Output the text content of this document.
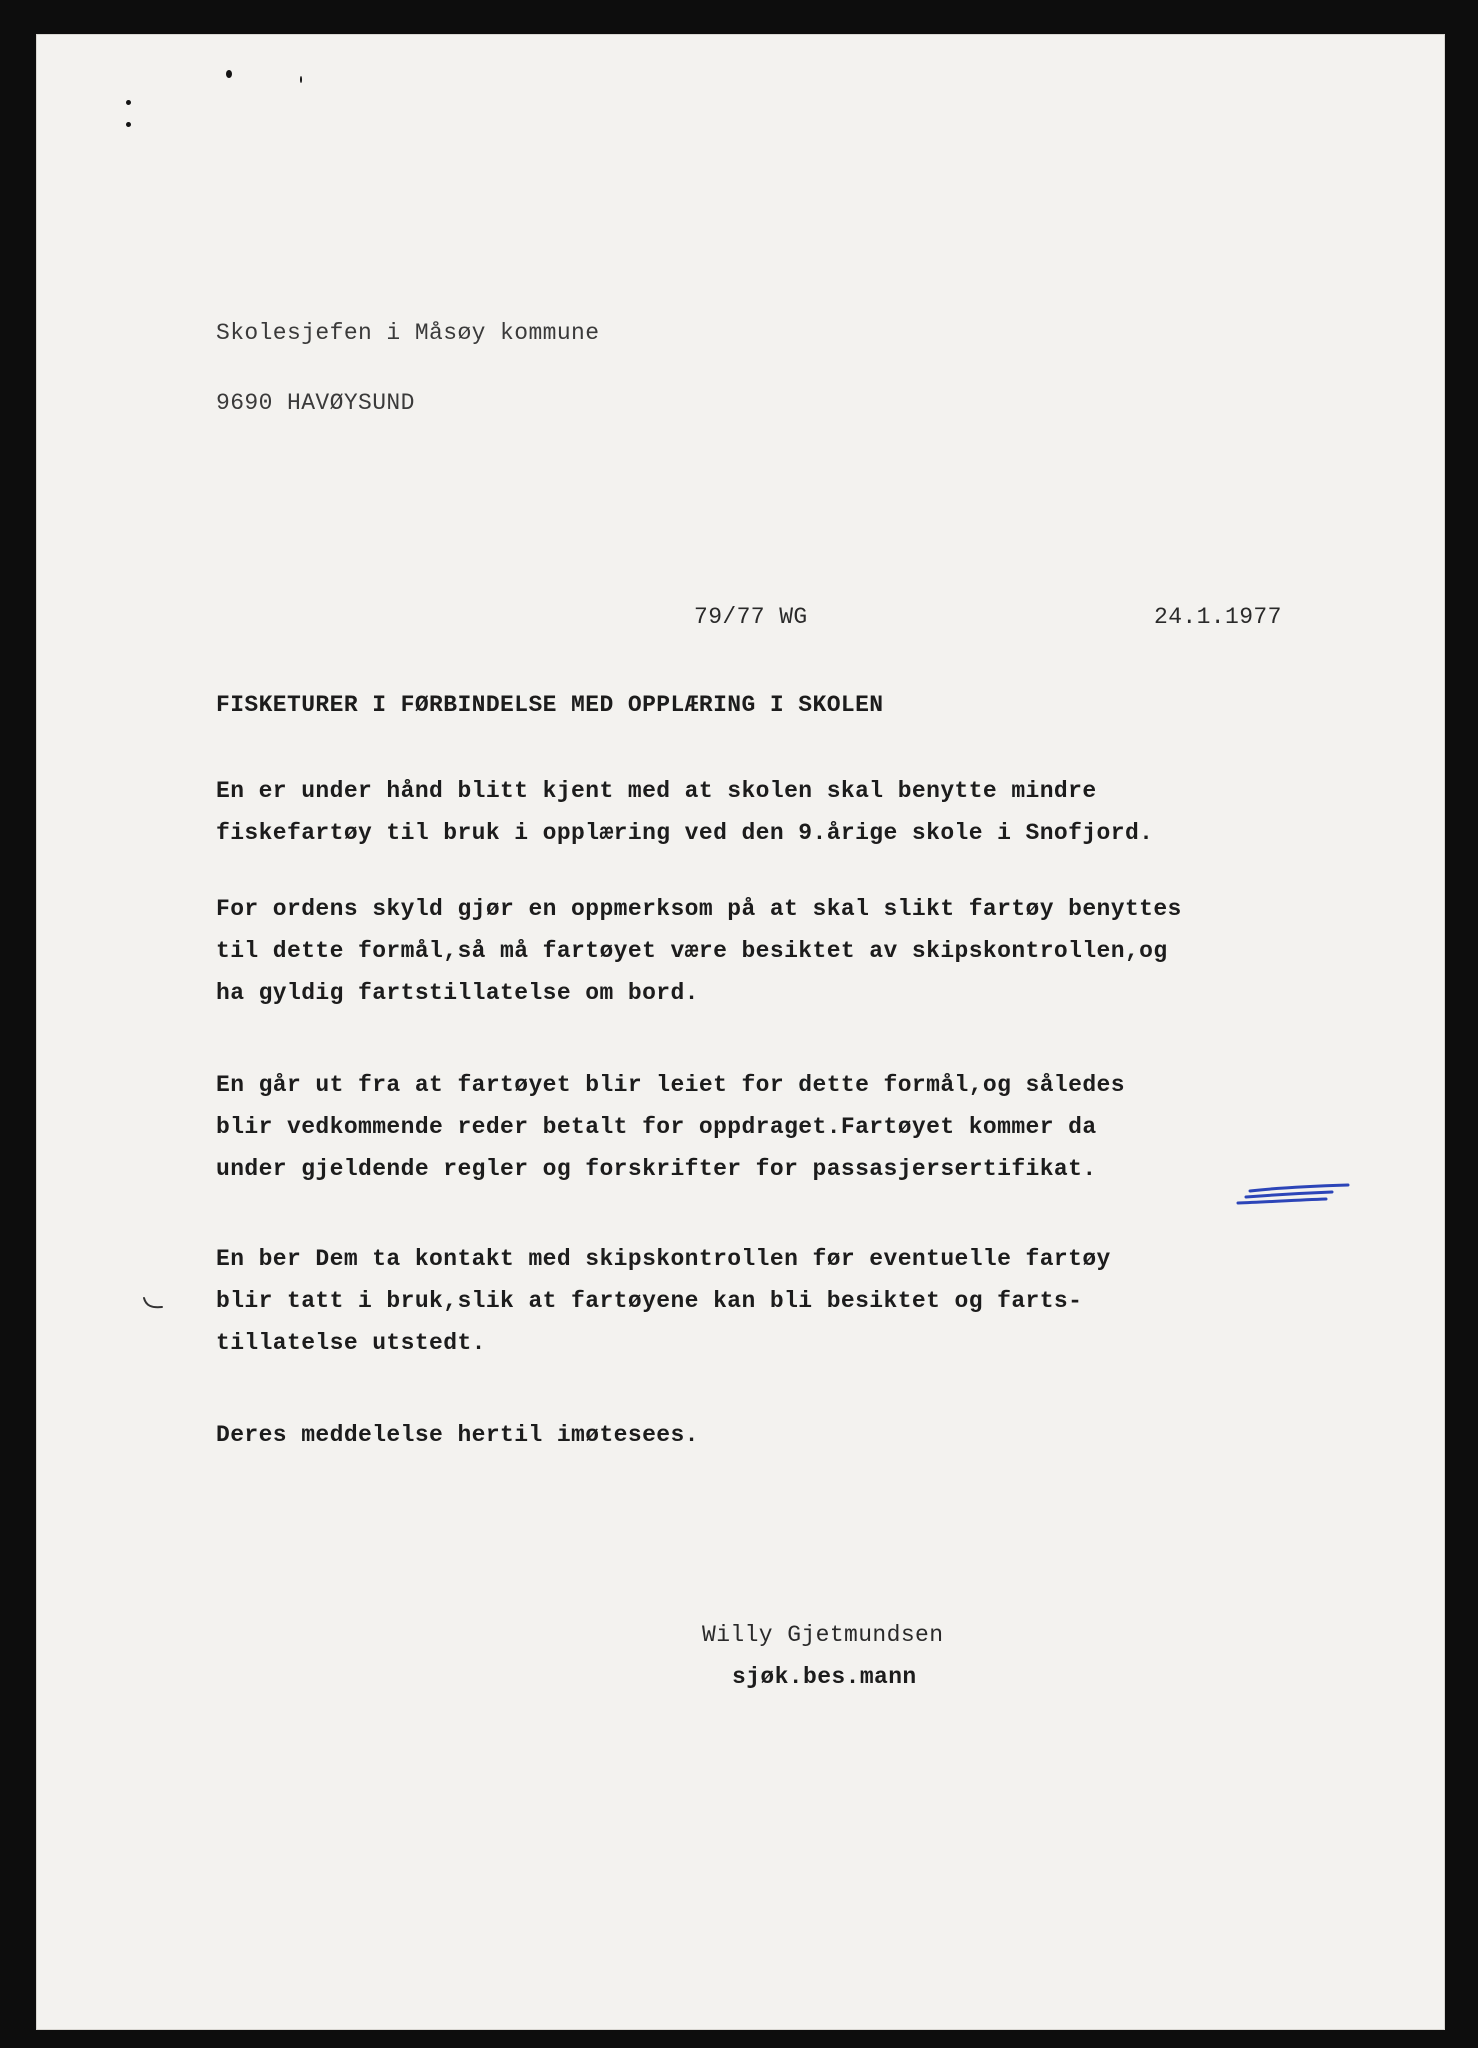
Skolesjefen i Måsøy kommune
9690 HAVØYSUND
79/77 WG	24.1.1977
FISKETURER I FØRBINDELSE MED OPPLÆRING I SKOLEN
En er under hånd blitt kjent med at skolen skal benytte mindre
fiskefartøy til bruk i opplæring ved den 9.årige skole i Snofjord.
For ordens skyld gjør en oppmerksom på at skal slikt fartøy benyttes
til dette formål,så må fartøyet være besiktet av skipskontrollen,og
ha gyldig fartstillatelse om bord.
En går ut fra at fartøyet blir leiet for dette formål,og således
blir vedkommende reder betalt for oppdraget.Fartøyet kommer da
under gjeldende regler og forskrifter for passasjersertifikat.
En ber Dem ta kontakt med skipskontrollen før eventuelle fartøy
blir tatt i bruk,slik at fartøyene kan bli besiktet og farts-
tillatelse utstedt.
Deres meddelelse hertil imøtesees.
Willy Gjetmundsen
sjøk.bes.mann
